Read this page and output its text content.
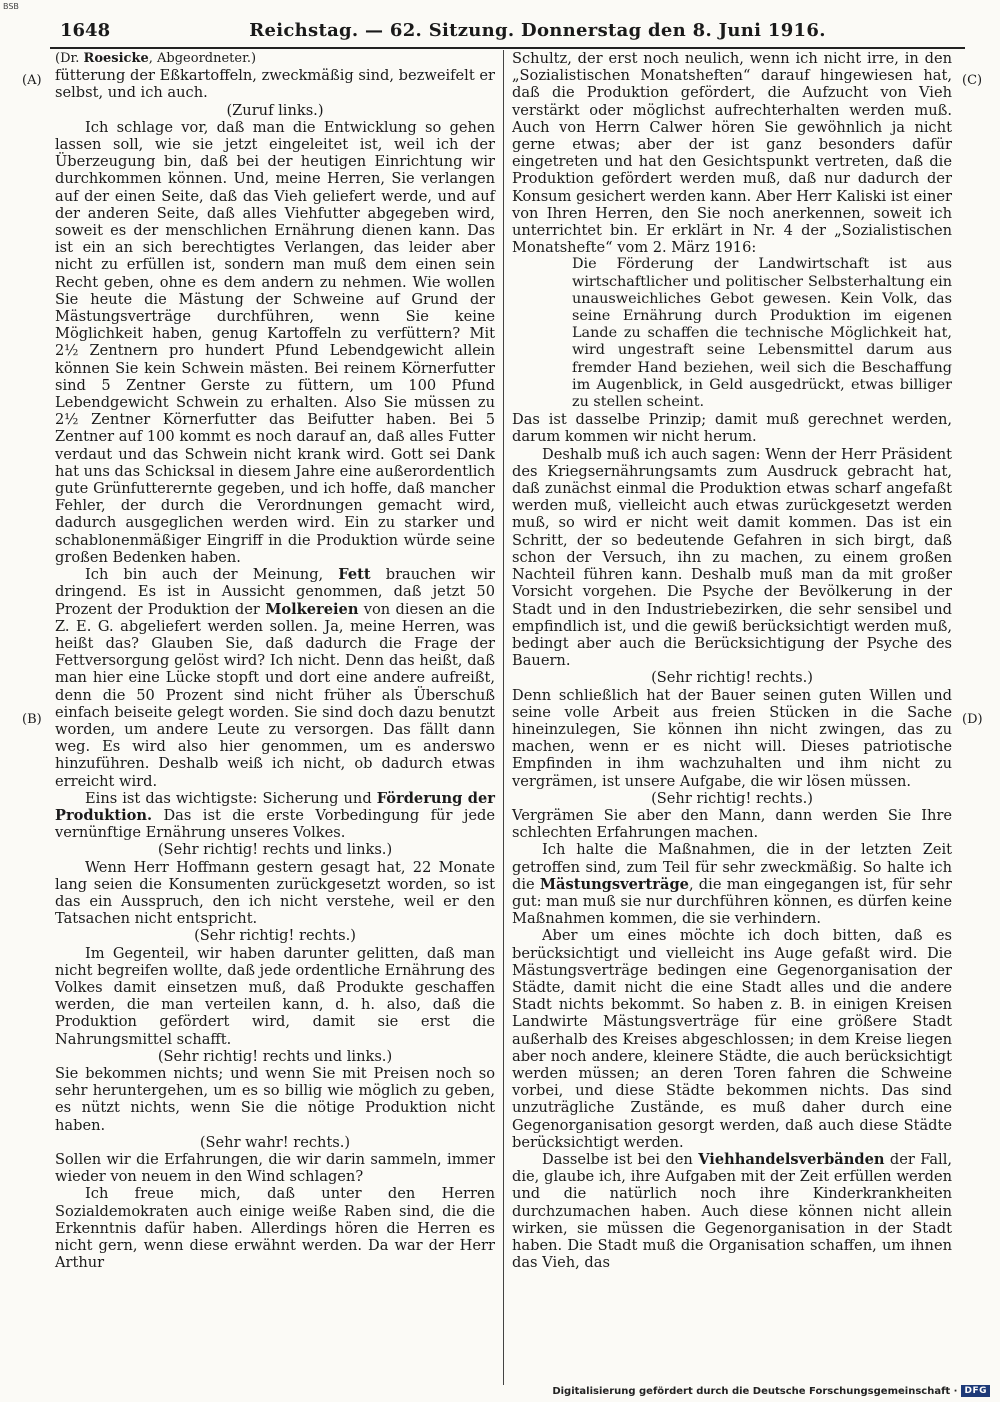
BSB
1648	Reichstag. — 62. Sitzung. Donnerstag den 8. Juni 1916.
(A)
(B)
(C)
(D)

(Dr. Roesicke, Abgeordneter.)

fütterung der Eßkartoffeln, zweckmäßig sind, bezweifelt er selbst, und ich auch.

(Zuruf links.)

Ich schlage vor, daß man die Entwicklung so gehen lassen soll, wie sie jetzt eingeleitet ist, weil ich der Überzeugung bin, daß bei der heutigen Einrichtung wir durchkommen können. Und, meine Herren, Sie verlangen auf der einen Seite, daß das Vieh geliefert werde, und auf der anderen Seite, daß alles Viehfutter abgegeben wird, soweit es der menschlichen Ernährung dienen kann. Das ist ein an sich berechtigtes Verlangen, das leider aber nicht zu erfüllen ist, sondern man muß dem einen sein Recht geben, ohne es dem andern zu nehmen. Wie wollen Sie heute die Mästung der Schweine auf Grund der Mästungsverträge durchführen, wenn Sie keine Möglichkeit haben, genug Kartoffeln zu verfüttern? Mit 2½ Zentnern pro hundert Pfund Lebendgewicht allein können Sie kein Schwein mästen. Bei reinem Körnerfutter sind 5 Zentner Gerste zu füttern, um 100 Pfund Lebendgewicht Schwein zu erhalten. Also Sie müssen zu 2½ Zentner Körnerfutter das Beifutter haben. Bei 5 Zentner auf 100 kommt es noch darauf an, daß alles Futter verdaut und das Schwein nicht krank wird. Gott sei Dank hat uns das Schicksal in diesem Jahre eine außerordentlich gute Grünfutterernte gegeben, und ich hoffe, daß mancher Fehler, der durch die Verordnungen gemacht wird, dadurch ausgeglichen werden wird. Ein zu starker und schablonenmäßiger Eingriff in die Produktion würde seine großen Bedenken haben.

Ich bin auch der Meinung, Fett brauchen wir dringend. Es ist in Aussicht genommen, daß jetzt 50 Prozent der Produktion der Molkereien von diesen an die Z. E. G. abgeliefert werden sollen. Ja, meine Herren, was heißt das? Glauben Sie, daß dadurch die Frage der Fettversorgung gelöst wird? Ich nicht. Denn das heißt, daß man hier eine Lücke stopft und dort eine andere aufreißt, denn die 50 Prozent sind nicht früher als Überschuß einfach beiseite gelegt worden. Sie sind doch dazu benutzt worden, um andere Leute zu versorgen. Das fällt dann weg. Es wird also hier genommen, um es anderswo hinzuführen. Deshalb weiß ich nicht, ob dadurch etwas erreicht wird.

Eins ist das wichtigste: Sicherung und Förderung der Produktion. Das ist die erste Vorbedingung für jede vernünftige Ernährung unseres Volkes.

(Sehr richtig! rechts und links.)

Wenn Herr Hoffmann gestern gesagt hat, 22 Monate lang seien die Konsumenten zurückgesetzt worden, so ist das ein Ausspruch, den ich nicht verstehe, weil er den Tatsachen nicht entspricht.

(Sehr richtig! rechts.)

Im Gegenteil, wir haben darunter gelitten, daß man nicht begreifen wollte, daß jede ordentliche Ernährung des Volkes damit einsetzen muß, daß Produkte geschaffen werden, die man verteilen kann, d. h. also, daß die Produktion gefördert wird, damit sie erst die Nahrungsmittel schafft.

(Sehr richtig! rechts und links.)

Sie bekommen nichts; und wenn Sie mit Preisen noch so sehr heruntergehen, um es so billig wie möglich zu geben, es nützt nichts, wenn Sie die nötige Produktion nicht haben.

(Sehr wahr! rechts.)

Sollen wir die Erfahrungen, die wir darin sammeln, immer wieder von neuem in den Wind schlagen?

Ich freue mich, daß unter den Herren Sozialdemokraten auch einige weiße Raben sind, die die Erkenntnis dafür haben. Allerdings hören die Herren es nicht gern, wenn diese erwähnt werden. Da war der Herr Arthur

Schultz, der erst noch neulich, wenn ich nicht irre, in den „Sozialistischen Monatsheften“ darauf hingewiesen hat, daß die Produktion gefördert, die Aufzucht von Vieh verstärkt oder möglichst aufrechterhalten werden muß. Auch von Herrn Calwer hören Sie gewöhnlich ja nicht gerne etwas; aber der ist ganz besonders dafür eingetreten und hat den Gesichtspunkt vertreten, daß die Produktion gefördert werden muß, daß nur dadurch der Konsum gesichert werden kann. Aber Herr Kaliski ist einer von Ihren Herren, den Sie noch anerkennen, soweit ich unterrichtet bin. Er erklärt in Nr. 4 der „Sozialistischen Monatshefte“ vom 2. März 1916:

Die Förderung der Landwirtschaft ist aus wirtschaftlicher und politischer Selbsterhaltung ein unausweichliches Gebot gewesen. Kein Volk, das seine Ernährung durch Produktion im eigenen Lande zu schaffen die technische Möglichkeit hat, wird ungestraft seine Lebensmittel darum aus fremder Hand beziehen, weil sich die Beschaffung im Augenblick, in Geld ausgedrückt, etwas billiger zu stellen scheint.

Das ist dasselbe Prinzip; damit muß gerechnet werden, darum kommen wir nicht herum.

Deshalb muß ich auch sagen: Wenn der Herr Präsident des Kriegsernährungsamts zum Ausdruck gebracht hat, daß zunächst einmal die Produktion etwas scharf angefaßt werden muß, vielleicht auch etwas zurückgesetzt werden muß, so wird er nicht weit damit kommen. Das ist ein Schritt, der so bedeutende Gefahren in sich birgt, daß schon der Versuch, ihn zu machen, zu einem großen Nachteil führen kann. Deshalb muß man da mit großer Vorsicht vorgehen. Die Psyche der Bevölkerung in der Stadt und in den Industriebezirken, die sehr sensibel und empfindlich ist, und die gewiß berücksichtigt werden muß, bedingt aber auch die Berücksichtigung der Psyche des Bauern.

(Sehr richtig! rechts.)

Denn schließlich hat der Bauer seinen guten Willen und seine volle Arbeit aus freien Stücken in die Sache hineinzulegen, Sie können ihn nicht zwingen, das zu machen, wenn er es nicht will. Dieses patriotische Empfinden in ihm wachzuhalten und ihm nicht zu vergrämen, ist unsere Aufgabe, die wir lösen müssen.

(Sehr richtig! rechts.)

Vergrämen Sie aber den Mann, dann werden Sie Ihre schlechten Erfahrungen machen.

Ich halte die Maßnahmen, die in der letzten Zeit getroffen sind, zum Teil für sehr zweckmäßig. So halte ich die Mästungsverträge, die man eingegangen ist, für sehr gut: man muß sie nur durchführen können, es dürfen keine Maßnahmen kommen, die sie verhindern.

Aber um eines möchte ich doch bitten, daß es berücksichtigt und vielleicht ins Auge gefaßt wird. Die Mästungsverträge bedingen eine Gegenorganisation der Städte, damit nicht die eine Stadt alles und die andere Stadt nichts bekommt. So haben z. B. in einigen Kreisen Landwirte Mästungsverträge für eine größere Stadt außerhalb des Kreises abgeschlossen; in dem Kreise liegen aber noch andere, kleinere Städte, die auch berücksichtigt werden müssen; an deren Toren fahren die Schweine vorbei, und diese Städte bekommen nichts. Das sind unzuträgliche Zustände, es muß daher durch eine Gegenorganisation gesorgt werden, daß auch diese Städte berücksichtigt werden.

Dasselbe ist bei den Viehhandelsverbänden der Fall, die, glaube ich, ihre Aufgaben mit der Zeit erfüllen werden und die natürlich noch ihre Kinderkrankheiten durchzumachen haben. Auch diese können nicht allein wirken, sie müssen die Gegenorganisation in der Stadt haben. Die Stadt muß die Organisation schaffen, um ihnen das Vieh, das

Digitalisierung gefördert durch die Deutsche Forschungsgemeinschaft · DFG
